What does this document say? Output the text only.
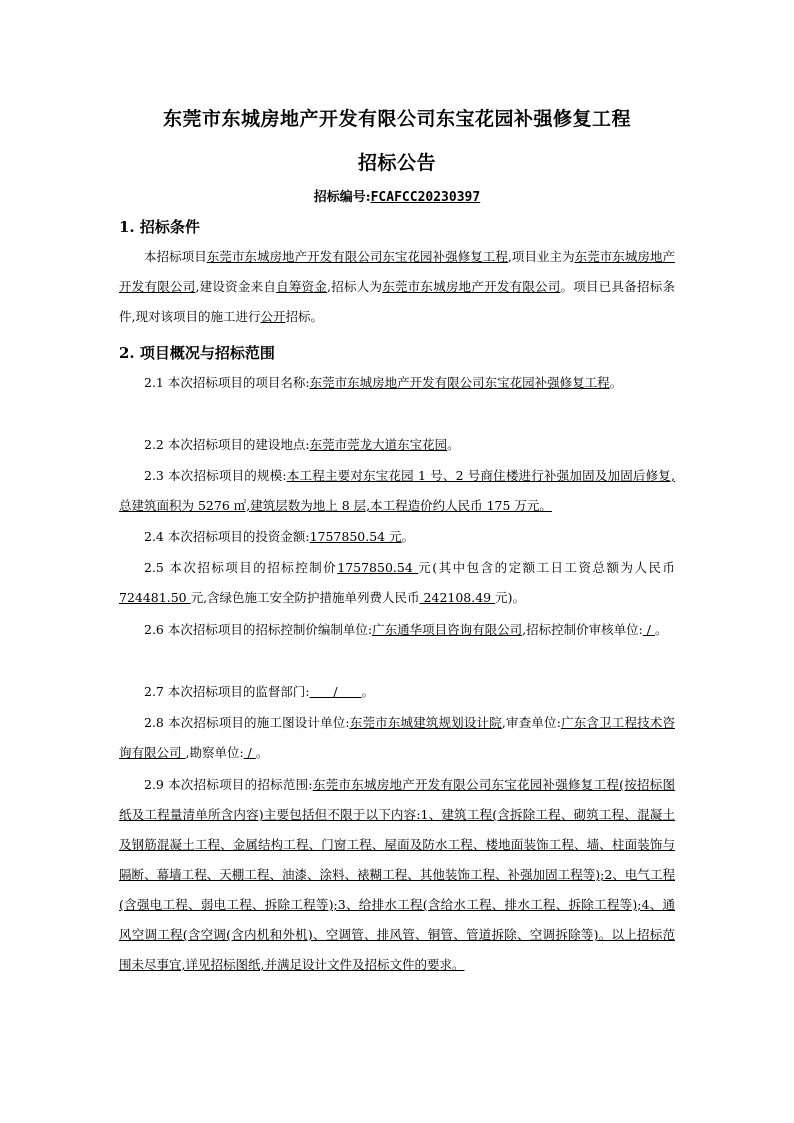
东莞市东城房地产开发有限公司东宝花园补强修复工程
招标公告
招标编号:FCAFCC20230397
1. 招标条件
本招标项目东莞市东城房地产开发有限公司东宝花园补强修复工程,项目业主为东莞市东城房地产开发有限公司,建设资金来自自筹资金,招标人为东莞市东城房地产开发有限公司。项目已具备招标条件,现对该项目的施工进行公开招标。
2. 项目概况与招标范围
2.1 本次招标项目的项目名称:东莞市东城房地产开发有限公司东宝花园补强修复工程。
2.2 本次招标项目的建设地点:东莞市莞龙大道东宝花园。
2.3 本次招标项目的规模:本工程主要对东宝花园 1 号、2 号商住楼进行补强加固及加固后修复,总建筑面积为 5276 ㎡,建筑层数为地上 8 层,本工程造价约人民币 175 万元。
2.4 本次招标项目的投资金额:1757850.54 元。
2.5 本次招标项目的招标控制价1757850.54 元(其中包含的定额工日工资总额为人民币 724481.50 元,含绿色施工安全防护措施单列费人民币 242108.49 元)。
2.6 本次招标项目的招标控制价编制单位:广东通华项目咨询有限公司,招标控制价审核单位: / 。
2.7 本次招标项目的监督部门:      /      。
2.8 本次招标项目的施工图设计单位:东莞市东城建筑规划设计院,审查单位:广东含卫工程技术咨询有限公司 ,勘察单位: / 。
2.9 本次招标项目的招标范围:东莞市东城房地产开发有限公司东宝花园补强修复工程(按招标图纸及工程量清单所含内容)主要包括但不限于以下内容:1、建筑工程(含拆除工程、砌筑工程、混凝土及钢筋混凝土工程、金属结构工程、门窗工程、屋面及防水工程、楼地面装饰工程、墙、柱面装饰与隔断、幕墙工程、天棚工程、油漆、涂料、裱糊工程、其他装饰工程、补强加固工程等);2、电气工程(含强电工程、弱电工程、拆除工程等);3、给排水工程(含给水工程、排水工程、拆除工程等);4、通风空调工程(含空调(含内机和外机)、空调管、排风管、铜管、管道拆除、空调拆除等)。以上招标范围未尽事宜,详见招标图纸,并满足设计文件及招标文件的要求。
